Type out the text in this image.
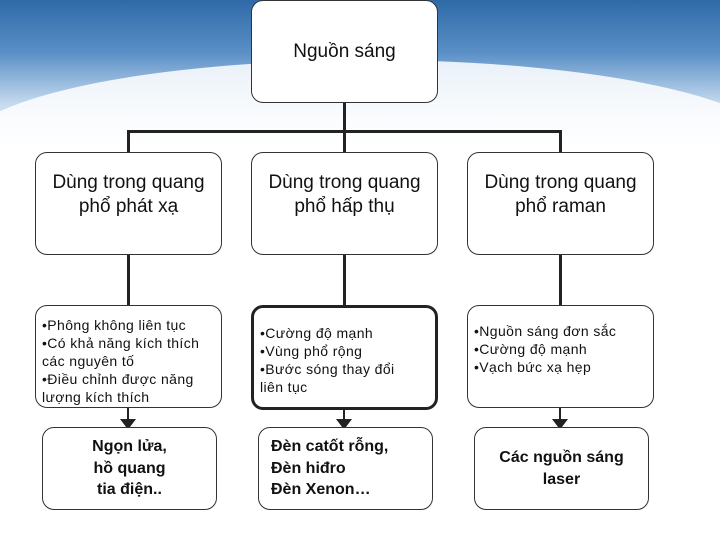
Nguồn sáng
Dùng trong quang
phổ phát xạ
•Phông không liên tục
•Có khả năng kích thích
các nguyên tố
•Điều chỉnh được năng
lượng kích thích
Ngọn lửa,
hồ quang
tia điện..
Dùng trong quang
phổ hấp thụ
•Cường độ mạnh
•Vùng phổ rộng
•Bước sóng thay đổi
liên tục
Đèn catốt rỗng,
Đèn hiđro
Đèn Xenon…
Dùng trong quang
phổ raman
•Nguồn sáng đơn sắc
•Cường độ mạnh
•Vạch bức xạ hẹp
Các nguồn sáng
laser
